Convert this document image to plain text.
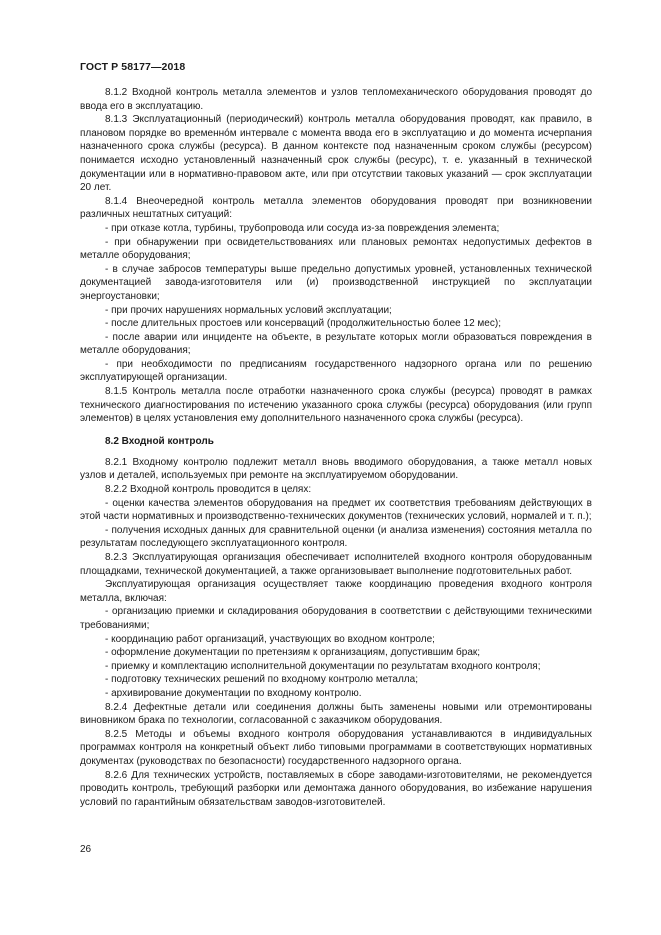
ГОСТ Р 58177—2018

8.1.2 Входной контроль металла элементов и узлов тепломеханического оборудования проводят до ввода его в эксплуатацию.

8.1.3 Эксплуатационный (периодический) контроль металла оборудования проводят, как правило, в плановом порядке во временно́м интервале с момента ввода его в эксплуатацию и до момента исчерпания назначенного срока службы (ресурса). В данном контексте под назначенным сроком службы (ресурсом) понимается исходно установленный назначенный срок службы (ресурс), т. е. указанный в технической документации или в нормативно-правовом акте, или при отсутствии таковых указаний — срок эксплуатации 20 лет.

8.1.4 Внеочередной контроль металла элементов оборудования проводят при возникновении различных нештатных ситуаций:

- при отказе котла, турбины, трубопровода или сосуда из-за повреждения элемента;

- при обнаружении при освидетельствованиях или плановых ремонтах недопустимых дефектов в металле оборудования;

- в случае забросов температуры выше предельно допустимых уровней, установленных технической документацией завода-изготовителя или (и) производственной инструкцией по эксплуатации энергоустановки;

- при прочих нарушениях нормальных условий эксплуатации;

- после длительных простоев или консерваций (продолжительностью более 12 мес);

- после аварии или инциденте на объекте, в результате которых могли образоваться повреждения в металле оборудования;

- при необходимости по предписаниям государственного надзорного органа или по решению эксплуатирующей организации.

8.1.5 Контроль металла после отработки назначенного срока службы (ресурса) проводят в рамках технического диагностирования по истечению указанного срока службы (ресурса) оборудования (или групп элементов) в целях установления ему дополнительного назначенного срока службы (ресурса).

8.2 Входной контроль

8.2.1 Входному контролю подлежит металл вновь вводимого оборудования, а также металл новых узлов и деталей, используемых при ремонте на эксплуатируемом оборудовании.

8.2.2 Входной контроль проводится в целях:

- оценки качества элементов оборудования на предмет их соответствия требованиям действующих в этой части нормативных и производственно-технических документов (технических условий, нормалей и т. п.);

- получения исходных данных для сравнительной оценки (и анализа изменения) состояния металла по результатам последующего эксплуатационного контроля.

8.2.3 Эксплуатирующая организация обеспечивает исполнителей входного контроля оборудованным площадками, технической документацией, а также организовывает выполнение подготовительных работ.

Эксплуатирующая организация осуществляет также координацию проведения входного контроля металла, включая:

- организацию приемки и складирования оборудования в соответствии с действующими техническими требованиями;

- координацию работ организаций, участвующих во входном контроле;

- оформление документации по претензиям к организациям, допустившим брак;

- приемку и комплектацию исполнительной документации по результатам входного контроля;

- подготовку технических решений по входному контролю металла;

- архивирование документации по входному контролю.

8.2.4 Дефектные детали или соединения должны быть заменены новыми или отремонтированы виновником брака по технологии, согласованной с заказчиком оборудования.

8.2.5 Методы и объемы входного контроля оборудования устанавливаются в индивидуальных программах контроля на конкретный объект либо типовыми программами в соответствующих нормативных документах (руководствах по безопасности) государственного надзорного органа.

8.2.6 Для технических устройств, поставляемых в сборе заводами-изготовителями, не рекомендуется проводить контроль, требующий разборки или демонтажа данного оборудования, во избежание нарушения условий по гарантийным обязательствам заводов-изготовителей.

26
